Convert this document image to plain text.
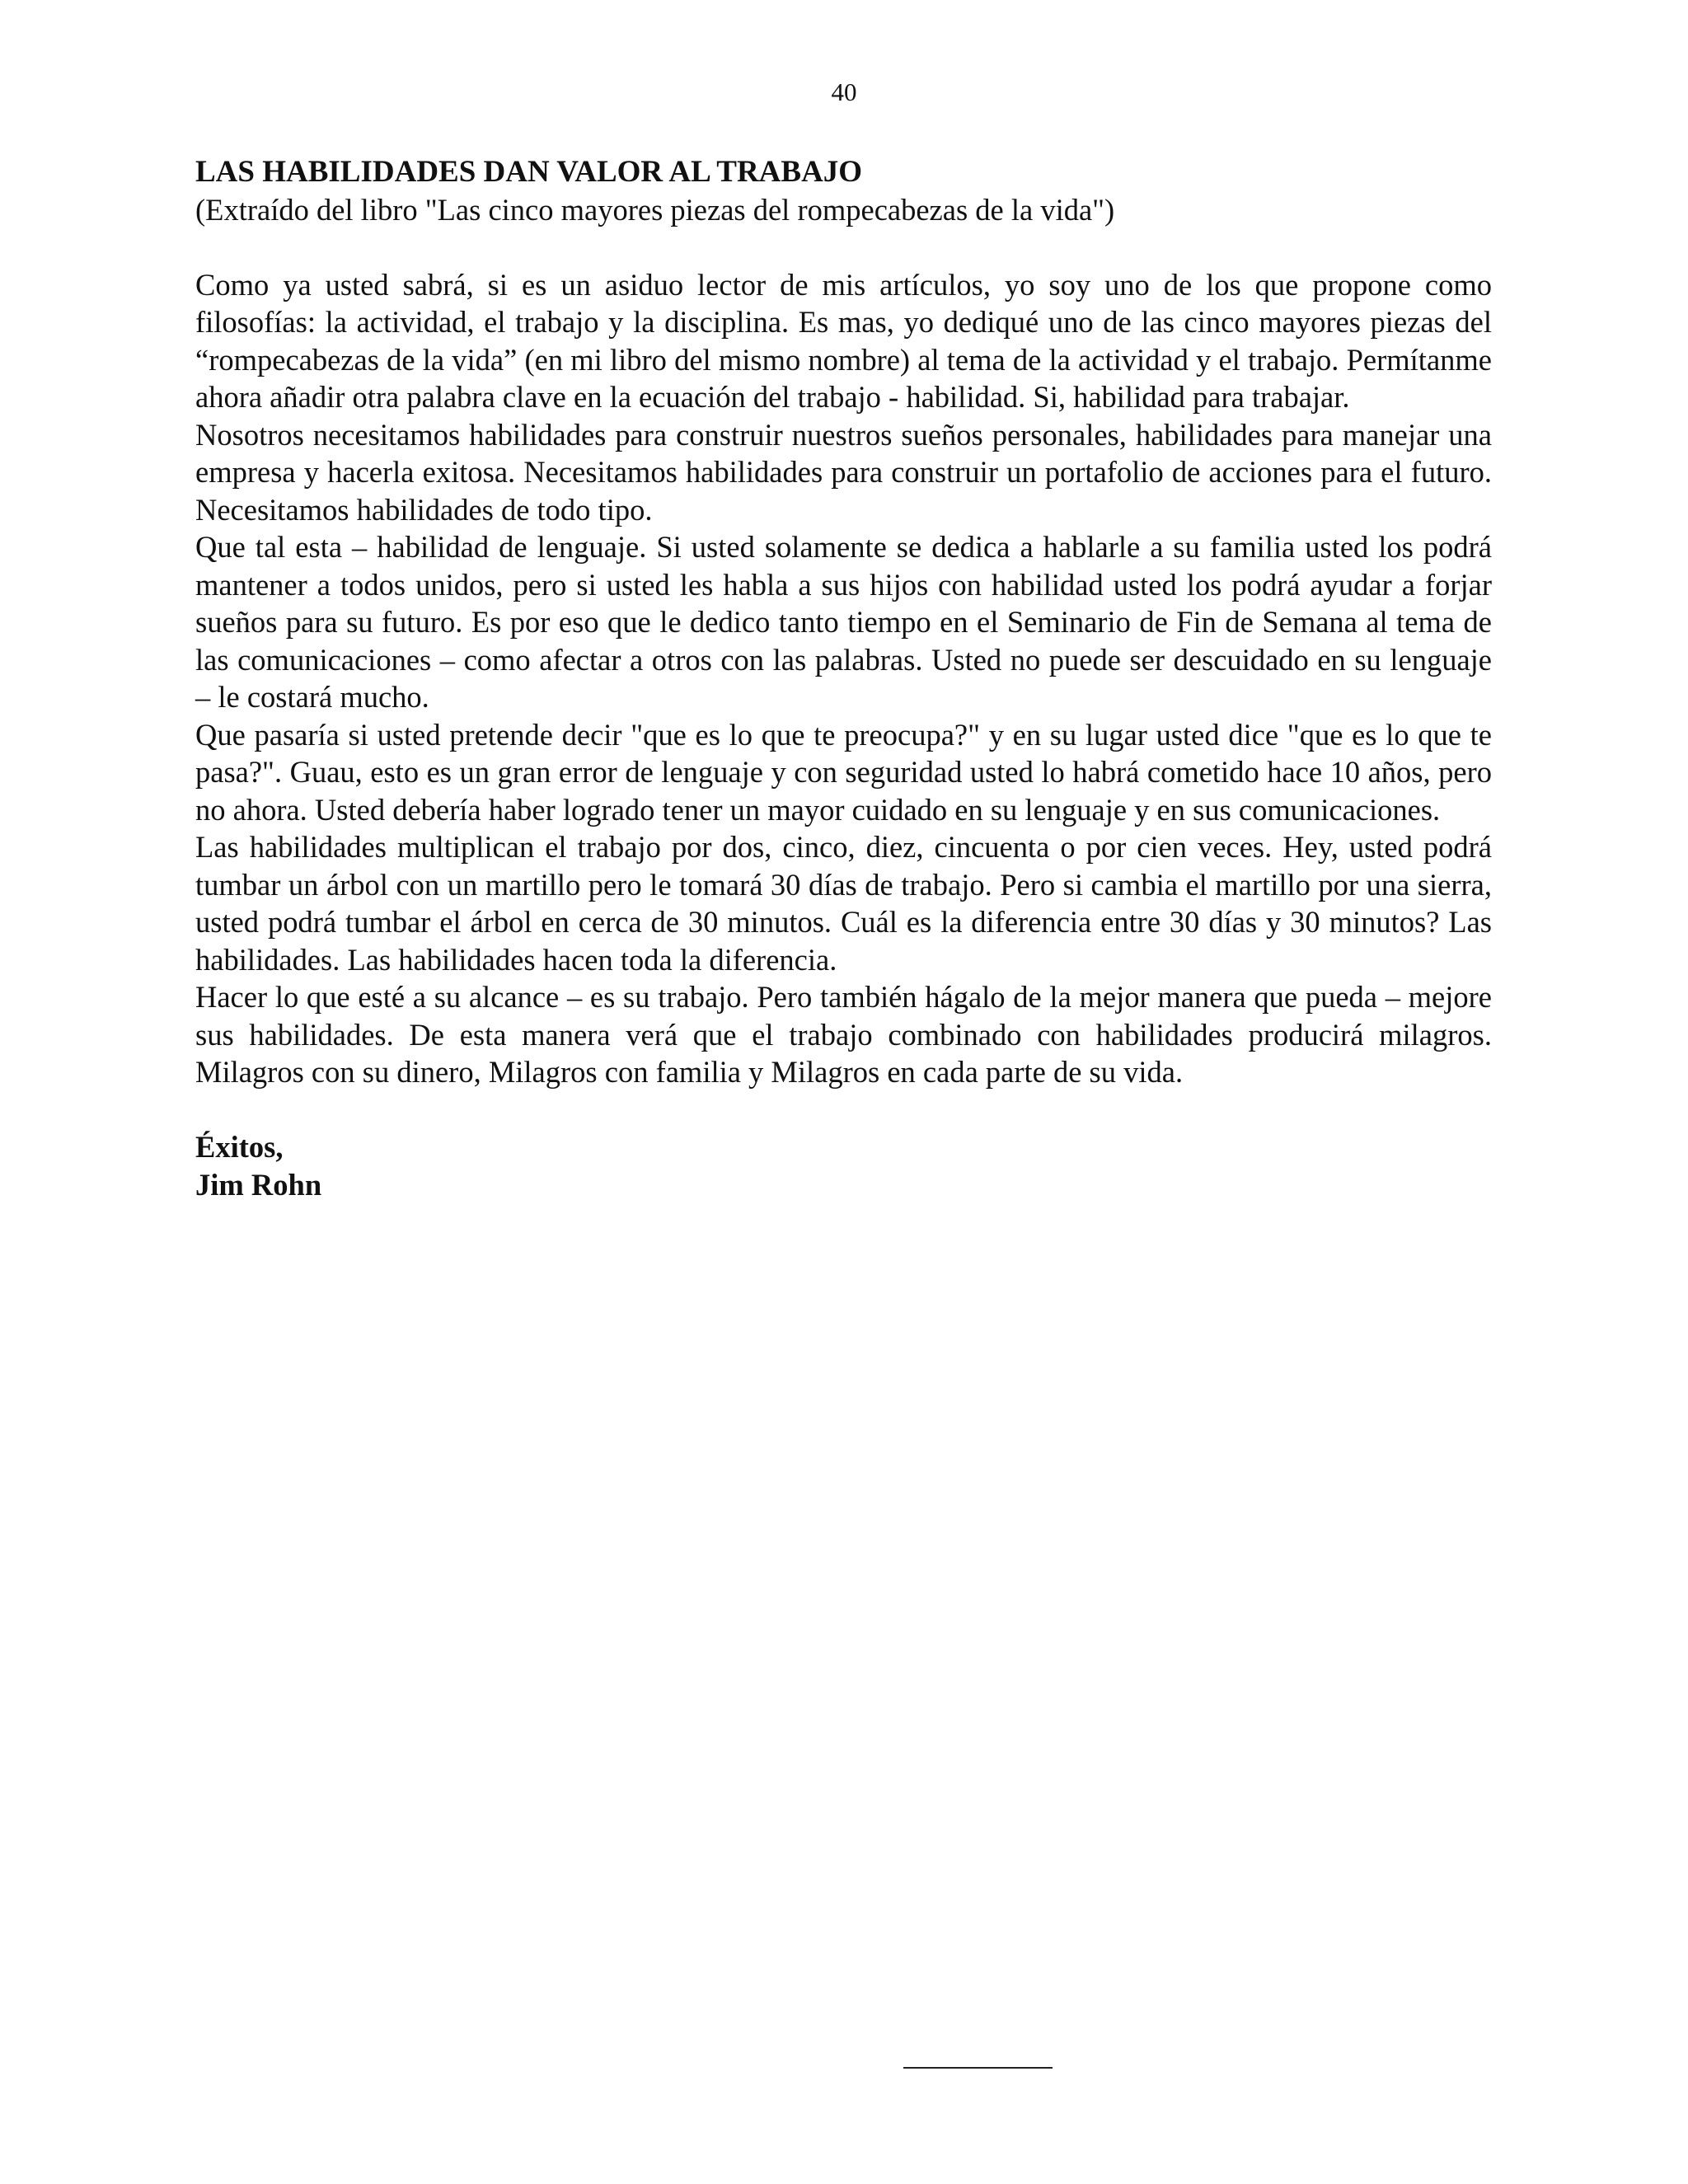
40
LAS HABILIDADES DAN VALOR AL TRABAJO
(Extraído del libro "Las cinco mayores piezas del rompecabezas de la vida")

Como ya usted sabrá, si es un asiduo lector de mis artículos, yo soy uno de los que propone como filosofías: la actividad, el trabajo y la disciplina. Es mas, yo dediqué uno de las cinco mayores piezas del “rompecabezas de la vida” (en mi libro del mismo nombre) al tema de la actividad y el trabajo. Permítanme ahora añadir otra palabra clave en la ecuación del trabajo - habilidad. Si, habilidad para trabajar.

Nosotros necesitamos habilidades para construir nuestros sueños personales, habilidades para manejar una empresa y hacerla exitosa. Necesitamos habilidades para construir un portafolio de acciones para el futuro. Necesitamos habilidades de todo tipo.

Que tal esta – habilidad de lenguaje. Si usted solamente se dedica a hablarle a su familia usted los podrá mantener a todos unidos, pero si usted les habla a sus hijos con habilidad usted los podrá ayudar a forjar sueños para su futuro. Es por eso que le dedico tanto tiempo en el Seminario de Fin de Semana al tema de las comunicaciones – como afectar a otros con las palabras. Usted no puede ser descuidado en su lenguaje – le costará mucho.

Que pasaría si usted pretende decir "que es lo que te preocupa?" y en su lugar usted dice "que es lo que te pasa?". Guau, esto es un gran error de lenguaje y con seguridad usted lo habrá cometido hace 10 años, pero no ahora. Usted debería haber logrado tener un mayor cuidado en su lenguaje y en sus comunicaciones.

Las habilidades multiplican el trabajo por dos, cinco, diez, cincuenta o por cien veces. Hey, usted podrá tumbar un árbol con un martillo pero le tomará 30 días de trabajo. Pero si cambia el martillo por una sierra, usted podrá tumbar el árbol en cerca de 30 minutos. Cuál es la diferencia entre 30 días y 30 minutos? Las habilidades. Las habilidades hacen toda la diferencia.

Hacer lo que esté a su alcance – es su trabajo. Pero también hágalo de la mejor manera que pueda – mejore sus habilidades. De esta manera verá que el trabajo combinado con habilidades producirá milagros. Milagros con su dinero, Milagros con familia y Milagros en cada parte de su vida.

Éxitos,
Jim Rohn
